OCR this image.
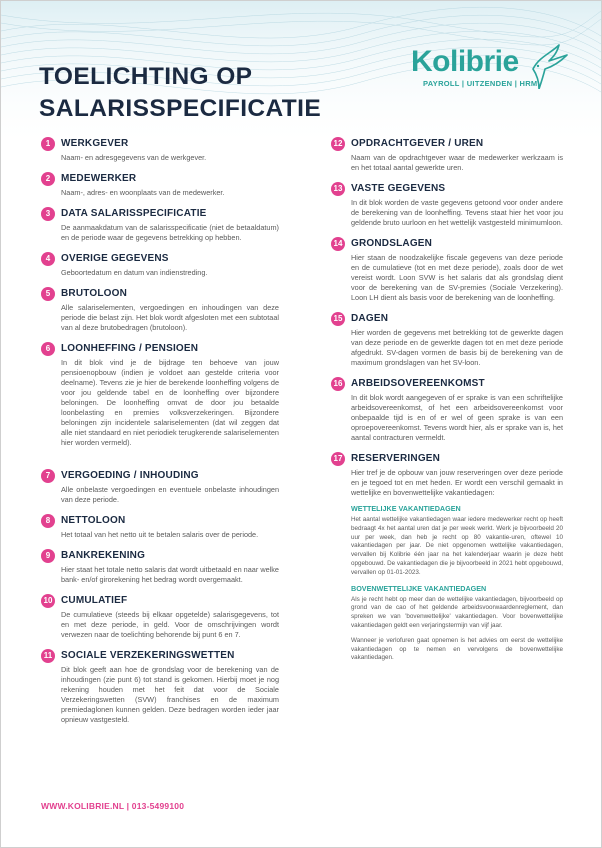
TOELICHTING OP
SALARISSPECIFICATIE
Kolibrie
PAYROLL | UITZENDEN | HRM
1	WERKGEVER

Naam- en adresgegevens van de werkgever.

2	MEDEWERKER

Naam-, adres- en woonplaats van de medewerker.

3	DATA SALARISSPECIFICATIE

De aanmaakdatum van de salarisspecificatie (niet de betaaldatum) en de periode waar de gegevens betrekking op hebben.

4	OVERIGE GEGEVENS

Geboortedatum en datum van indienstreding.

5	BRUTOLOON

Alle salariselementen, vergoedingen en inhoudingen van deze periode die belast zijn. Het blok wordt afgesloten met een subtotaal van al deze brutobedragen (brutoloon).

6	LOONHEFFING / PENSIOEN

In dit blok vind je de bijdrage ten behoeve van jouw pensioenopbouw (indien je voldoet aan gestelde criteria voor deelname). Tevens zie je hier de berekende loonheffing volgens de voor jou geldende tabel en de loonheffing over bijzondere beloningen. De loonheffing omvat de door jou betaalde loonbelasting en premies volksverzekeringen. Bijzondere beloningen zijn incidentele salariselementen (dat wil zeggen dat alle niet standaard en niet periodiek terugkerende salariselementen hier worden vermeld).

7	VERGOEDING / INHOUDING

Alle onbelaste vergoedingen en eventuele onbelaste inhoudingen van deze periode.

8	NETTOLOON

Het totaal van het netto uit te betalen salaris over de periode.

9	BANKREKENING

Hier staat het totale netto salaris dat wordt uitbetaald en naar welke bank- en/of girorekening het bedrag wordt overgemaakt.

10 CUMULATIEF

De cumulatieve (steeds bij elkaar opgetelde) salarisgegevens, tot en met deze periode, in geld. Voor de omschrijvingen wordt verwezen naar de toelichting behorende bij punt 6 en 7.

11 SOCIALE VERZEKERINGSWETTEN

Dit blok geeft aan hoe de grondslag voor de berekening van de inhoudingen (zie punt 6) tot stand is gekomen. Hierbij moet je nog rekening houden met het feit dat voor de Sociale Verzekeringswetten (SVW) franchises en de maximum premiedaglonen kunnen gelden. Deze bedragen worden ieder jaar opnieuw vastgesteld.

12 OPDRACHTGEVER / UREN

Naam van de opdrachtgever waar de medewerker werkzaam is en het totaal aantal gewerkte uren.

13 VASTE GEGEVENS

In dit blok worden de vaste gegevens getoond voor onder andere de berekening van de loonheffing. Tevens staat hier het voor jou geldende bruto uurloon en het wettelijk vastgesteld minimumloon.

14 GRONDSLAGEN

Hier staan de noodzakelijke fiscale gegevens van deze periode en de cumulatieve (tot en met deze periode), zoals door de wet vereist wordt. Loon SVW is het salaris dat als grondslag dient voor de berekening van de SV-premies (Sociale Verzekering). Loon LH dient als basis voor de berekening van de loonheffing.

15 DAGEN

Hier worden de gegevens met betrekking tot de gewerkte dagen van deze periode en de gewerkte dagen tot en met deze periode afgedrukt. SV-dagen vormen de basis bij de berekening van de maximum grondslagen van het SV-loon.

16 ARBEIDSOVEREENKOMST

In dit blok wordt aangegeven of er sprake is van een schriftelijke arbeidsovereenkomst, of het een arbeidsovereenkomst voor onbepaalde tijd is en of er wel of geen sprake is van een oproepovereenkomst. Tevens wordt hier, als er sprake van is, het aantal contracturen vermeldt.

17 RESERVERINGEN

Hier tref je de opbouw van jouw reserveringen over deze periode en je tegoed tot en met heden. Er wordt een verschil gemaakt in wettelijke en bovenwettelijke vakantiedagen:

WETTELIJKE VAKANTIEDAGEN

Het aantal wettelijke vakantiedagen waar iedere medewerker recht op heeft bedraagt 4x het aantal uren dat je per week werkt. Werk je bijvoorbeeld 20 uur per week, dan heb je recht op 80 vakantie-uren, oftewel 10 vakantiedagen per jaar. De niet opgenomen wettelijke vakantiedagen, vervallen bij Kolibrie één jaar na het kalenderjaar waarin je deze hebt opgebouwd. De vakantiedagen die je bijvoorbeeld in 2021 hebt opgebouwd, vervallen op 01-01-2023.

BOVENWETTELIJKE VAKANTIEDAGEN

Als je recht hebt op meer dan de wettelijke vakantiedagen, bijvoorbeeld op grond van de cao of het geldende arbeidsvoorwaardenreglement, dan spreken we van 'bovenwettelijke' vakantiedagen. Voor bovenwettelijke vakantiedagen geldt een verjaringstermijn van vijf jaar.

Wanneer je verlofuren gaat opnemen is het advies om eerst de wettelijke vakantiedagen op te nemen en vervolgens de bovenwettelijke vakantiedagen.

WWW.KOLIBRIE.NL | 013-5499100
